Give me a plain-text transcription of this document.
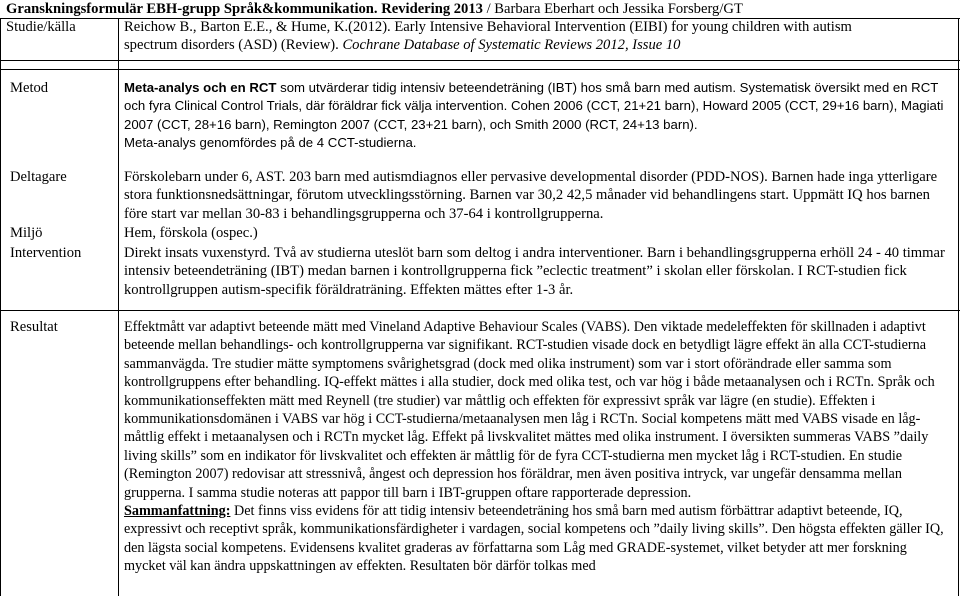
Granskningsformulär EBH-grupp Språk&kommunikation. Revidering 2013 / Barbara Eberhart och Jessika Forsberg/GT
Studie/källa	Reichow B., Barton E.E., & Hume, K.(2012). Early Intensive Behavioral Intervention (EIBI) for young children with autism
spectrum disorders (ASD) (Review). Cochrane Database of Systematic Reviews 2012, Issue 10
Metod	Meta-analys och en RCT som utvärderar tidig intensiv beteendeträning (IBT) hos små barn med autism. Systematisk översikt med en RCT och fyra Clinical Control Trials, där föräldrar fick välja intervention. Cohen 2006 (CCT, 21+21 barn), Howard 2005 (CCT, 29+16 barn), Magiati 2007 (CCT, 28+16 barn), Remington 2007 (CCT, 23+21 barn), och Smith 2000 (RCT, 24+13 barn).
Meta-analys genomfördes på de 4 CCT-studierna.
Deltagare	Förskolebarn under 6, AST. 203 barn med autismdiagnos eller pervasive developmental disorder (PDD-NOS). Barnen hade inga ytterligare stora funktionsnedsättningar, förutom utvecklingsstörning. Barnen var 30,2 42,5 månader vid behandlingens start. Uppmätt IQ hos barnen före start var mellan 30-83 i behandlingsgrupperna och 37-64 i kontrollgrupperna.
Miljö	Hem, förskola (ospec.)
Intervention	Direkt insats vuxenstyrd. Två av studierna uteslöt barn som deltog i andra interventioner. Barn i behandlingsgrupperna erhöll 24 - 40 timmar intensiv beteendeträning (IBT) medan barnen i kontrollgrupperna fick ”eclectic treatment” i skolan eller förskolan. I RCT-studien fick kontrollgruppen autism-specifik föräldraträning. Effekten mättes efter 1-3 år.
Resultat	Effektmått var adaptivt beteende mätt med Vineland Adaptive Behaviour Scales (VABS). Den viktade medeleffekten för skillnaden i adaptivt beteende mellan behandlings- och kontrollgrupperna var signifikant. RCT-studien visade dock en betydligt lägre effekt än alla CCT-studierna sammanvägda. Tre studier mätte symptomens svårighetsgrad (dock med olika instrument) som var i stort oförändrade eller samma som kontrollgruppens efter behandling. IQ-effekt mättes i alla studier, dock med olika test, och var hög i både metaanalysen och i RCTn. Språk och kommunikationseffekten mätt med Reynell (tre studier) var måttlig och effekten för expressivt språk var lägre (en studie). Effekten i kommunikationsdomänen i VABS var hög i CCT-studierna/metaanalysen men låg i RCTn. Social kompetens mätt med VABS visade en låg-måttlig effekt i metaanalysen och i RCTn mycket låg. Effekt på livskvalitet mättes med olika instrument. I översikten summeras VABS ”daily living skills” som en indikator för livskvalitet och effekten är måttlig för de fyra CCT-studierna men mycket låg i RCT-studien. En studie (Remington 2007) redovisar att stressnivå, ångest och depression hos föräldrar, men även positiva intryck, var ungefär densamma mellan grupperna. I samma studie noteras att pappor till barn i IBT-gruppen oftare rapporterade depression.
Sammanfattning: Det finns viss evidens för att tidig intensiv beteendeträning hos små barn med autism förbättrar adaptivt beteende, IQ, expressivt och receptivt språk, kommunikationsfärdigheter i vardagen, social kompetens och ”daily living skills”. Den högsta effekten gäller IQ, den lägsta social kompetens. Evidensens kvalitet graderas av författarna som Låg med GRADE-systemet, vilket betyder att mer forskning mycket väl kan ändra uppskattningen av effekten. Resultaten bör därför tolkas med
